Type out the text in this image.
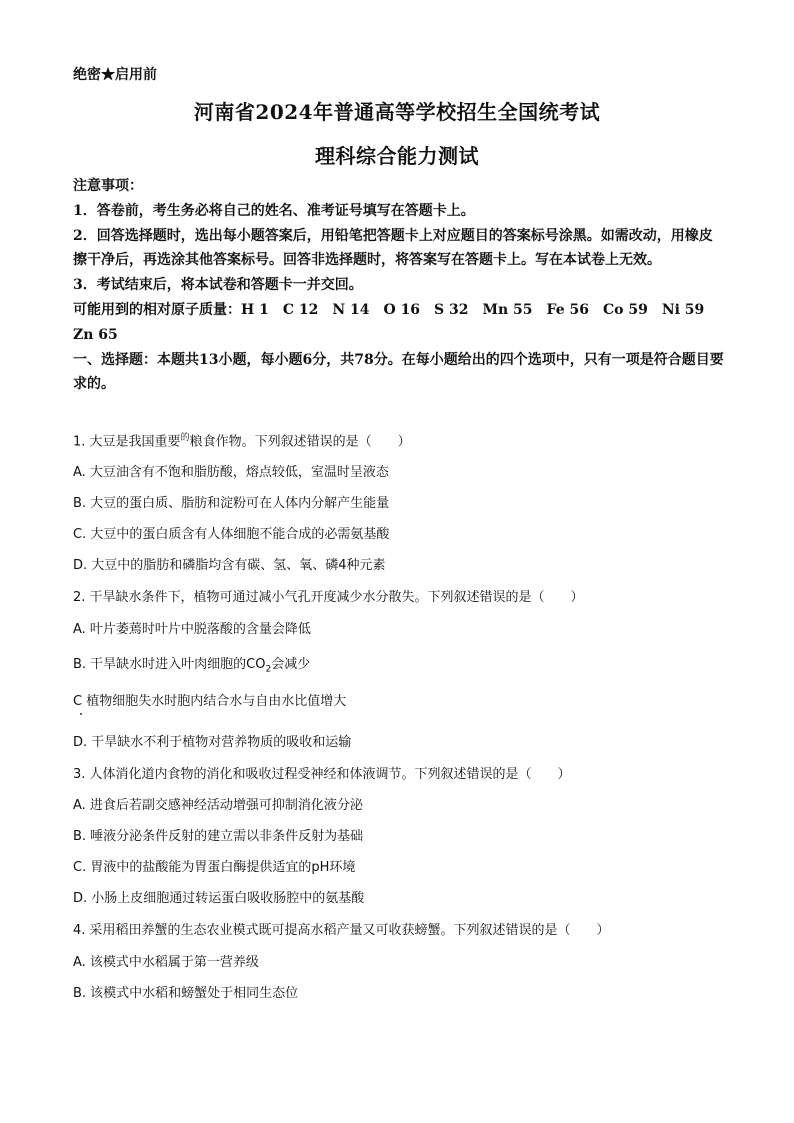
绝密★启用前
河南省2024年普通高等学校招生全国统考试
理科综合能力测试

注意事项：

1．答卷前，考生务必将自己的姓名、准考证号填写在答题卡上。

2．回答选择题时，选出每小题答案后，用铅笔把答题卡上对应题目的答案标号涂黑。如需改动，用橡皮擦干净后，再选涂其他答案标号。回答非选择题时，将答案写在答题卡上。写在本试卷上无效。

3．考试结束后，将本试卷和答题卡一并交回。

可能用到的相对原子质量：H 1　C 12　N 14　O 16　S 32　Mn 55　Fe 56　Co 59　Ni 59　Zn 65

一、选择题：本题共13小题，每小题6分，共78分。在每小题给出的四个选项中，只有一项是符合题目要求的。

1. 大豆是我国重要$^的$粮食作物。下列叙述错误的是（　　）
A. 大豆油含有不饱和脂肪酸，熔点较低，室温时呈液态
B. 大豆的蛋白质、脂肪和淀粉可在人体内分解产生能量
C. 大豆中的蛋白质含有人体细胞不能合成的必需氨基酸
D. 大豆中的脂肪和磷脂均含有碳、氢、氧、磷4种元素
2. 干旱缺水条件下，植物可通过减小气孔开度减少水分散失。下列叙述错误的是（　　）
A. 叶片萎蔫时叶片中脱落酸的含量会降低
B. 干旱缺水时进入叶肉细胞的$CO_2$会减少
C 植物细胞失水时胞内结合水与自由水比值增大
D. 干旱缺水不利于植物对营养物质的吸收和运输
3. 人体消化道内食物的消化和吸收过程受神经和体液调节。下列叙述错误的是（　　）
A. 进食后若副交感神经活动增强可抑制消化液分泌
B. 唾液分泌条件反射的建立需以非条件反射为基础
C. 胃液中的盐酸能为胃蛋白酶提供适宜的pH环境
D. 小肠上皮细胞通过转运蛋白吸收肠腔中的氨基酸
4. 采用稻田养蟹的生态农业模式既可提高水稻产量又可收获螃蟹。下列叙述错误的是（　　）
A. 该模式中水稻属于第一营养级
B. 该模式中水稻和螃蟹处于相同生态位
